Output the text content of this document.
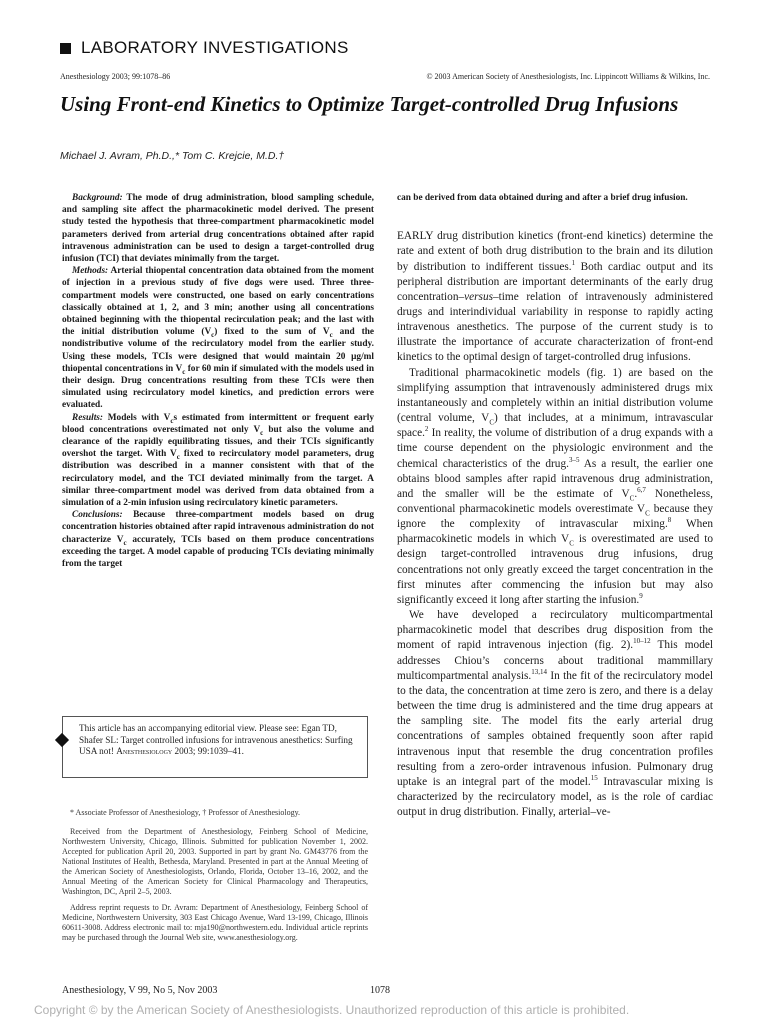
LABORATORY INVESTIGATIONS
Anesthesiology 2003; 99:1078–86	© 2003 American Society of Anesthesiologists, Inc. Lippincott Williams & Wilkins, Inc.
Using Front-end Kinetics to Optimize Target-controlled Drug Infusions
Michael J. Avram, Ph.D.,* Tom C. Krejcie, M.D.†

Background: The mode of drug administration, blood sampling schedule, and sampling site affect the pharmacokinetic model derived. The present study tested the hypothesis that three-compartment pharmacokinetic model parameters derived from arterial drug concentrations obtained after rapid intravenous administration can be used to design a target-controlled drug infusion (TCI) that deviates minimally from the target.

Methods: Arterial thiopental concentration data obtained from the moment of injection in a previous study of five dogs were used. Three three-compartment models were constructed, one based on early concentrations classically obtained at 1, 2, and 3 min; another using all concentrations obtained beginning with the thiopental recirculation peak; and the last with the initial distribution volume $(V_c)$ fixed to the sum of $V_c$ and the nondistributive volume of the recirculatory model from the earlier study. Using these models, TCIs were designed that would maintain 20 μg/ml thiopental concentrations in $V_c$ for 60 min if simulated with the models used in their design. Drug concentrations resulting from these TCIs were then simulated using recirculatory model kinetics, and prediction errors were evaluated.

Results: Models with $V_cs$ estimated from intermittent or frequent early blood concentrations overestimated not only $V_c$ but also the volume and clearance of the rapidly equilibrating tissues, and their TCIs significantly overshot the target. With $V_c$ fixed to recirculatory model parameters, drug distribution was described in a manner consistent with that of the recirculatory model, and the TCI deviated minimally from the target. A similar three-compartment model was derived from data obtained from a simulation of a 2-min infusion using recirculatory kinetic parameters.

Conclusions: Because three-compartment models based on drug concentration histories obtained after rapid intravenous administration do not characterize $V_c$ accurately, TCIs based on them produce concentrations exceeding the target. A model capable of producing TCIs deviating minimally from the target

This article has an accompanying editorial view. Please see: Egan TD, Shafer SL: Target controlled infusions for intravenous anesthetics: Surfing USA not! Anesthesiology 2003; 99:1039–41.

* Associate Professor of Anesthesiology, † Professor of Anesthesiology.

Received from the Department of Anesthesiology, Feinberg School of Medicine, Northwestern University, Chicago, Illinois. Submitted for publication November 1, 2002. Accepted for publication April 20, 2003. Supported in part by grant No. GM43776 from the National Institutes of Health, Bethesda, Maryland. Presented in part at the Annual Meeting of the American Society of Anesthesiologists, Orlando, Florida, October 13–16, 2002, and the Annual Meeting of the American Society for Clinical Pharmacology and Therapeutics, Washington, DC, April 2–5, 2003.

Address reprint requests to Dr. Avram: Department of Anesthesiology, Feinberg School of Medicine, Northwestern University, 303 East Chicago Avenue, Ward 13-199, Chicago, Illinois 60611-3008. Address electronic mail to: mja190@northwestern.edu. Individual article reprints may be purchased through the Journal Web site, www.anesthesiology.org.

can be derived from data obtained during and after a brief drug infusion.

EARLY drug distribution kinetics (front-end kinetics) determine the rate and extent of both drug distribution to the brain and its dilution by distribution to indifferent tissues.$^1$ Both cardiac output and its peripheral distribution are important determinants of the early drug concentration–versus–time relation of intravenously administered drugs and interindividual variability in response to rapidly acting intravenous anesthetics. The purpose of the current study is to illustrate the importance of accurate characterization of front-end kinetics to the optimal design of target-controlled drug infusions.

Traditional pharmacokinetic models (fig. 1) are based on the simplifying assumption that intravenously administered drugs mix instantaneously and completely within an initial distribution volume (central volume, $V_C$) that includes, at a minimum, intravascular space.$^2$ In reality, the volume of distribution of a drug expands with a time course dependent on the physiologic environment and the chemical characteristics of the drug.$^{3-5}$ As a result, the earlier one obtains blood samples after rapid intravenous drug administration, and the smaller will be the estimate of $V_C.^{6,7}$ Nonetheless, conventional pharmacokinetic models overestimate $V_C$ because they ignore the complexity of intravascular mixing.$^8$ When pharmacokinetic models in which $V_C$ is overestimated are used to design target-controlled intravenous drug infusions, drug concentrations not only greatly exceed the target concentration in the first minutes after commencing the infusion but may also significantly exceed it long after starting the infusion.$^9$

We have developed a recirculatory multicompartmental pharmacokinetic model that describes drug disposition from the moment of rapid intravenous injection (fig. 2).$^{10-12}$ This model addresses Chiou’s concerns about traditional mammillary multicompartmental analysis.$^{13,14}$ In the fit of the recirculatory model to the data, the concentration at time zero is zero, and there is a delay between the time drug is administered and the time drug appears at the sampling site. The model fits the early arterial drug concentrations of samples obtained frequently soon after rapid intravenous input that resemble the drug concentration profiles resulting from a zero-order intravenous infusion. Pulmonary drug uptake is an integral part of the model.$^{15}$ Intravascular mixing is characterized by the recirculatory model, as is the role of cardiac output in drug distribution. Finally, arterial–ve-

Anesthesiology, V 99, No 5, Nov 2003	1078
Copyright © by the American Society of Anesthesiologists. Unauthorized reproduction of this article is prohibited.
